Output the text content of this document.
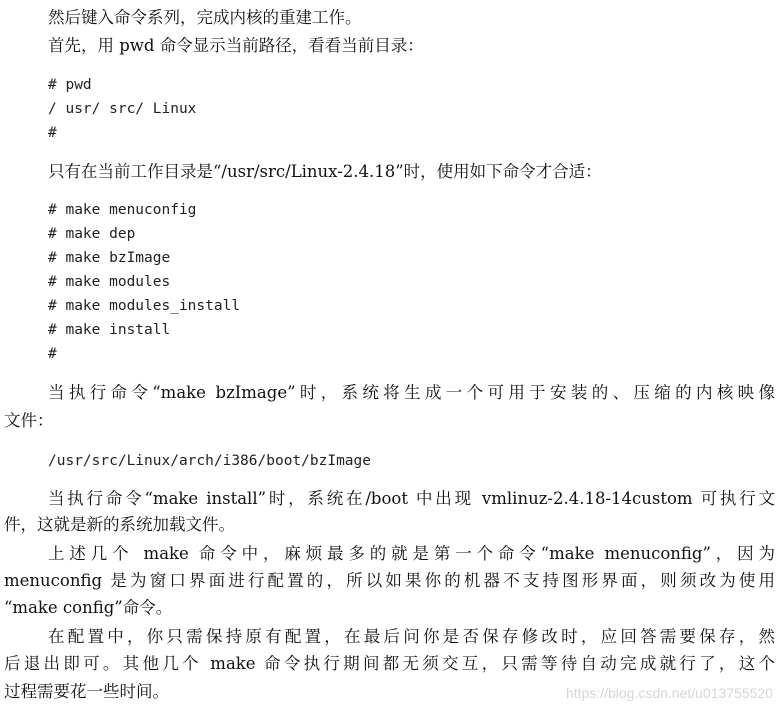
然后键入命令系列，完成内核的重建工作。
首先，用 pwd 命令显示当前路径，看看当前目录：
# pwd
/ usr/ src/ Linux
#
只有在当前工作目录是“/usr/src/Linux-2.4.18”时，使用如下命令才合适：
# make menuconfig
# make dep
# make bzImage
# make modules
# make modules_install
# make install
#
当执行命令“make bzImage”时，系统将生成一个可用于安装的、压缩的内核映像
文件：
/usr/src/Linux/arch/i386/boot/bzImage
当执行命令“make install”时，系统在/boot 中出现 vmlinuz-2.4.18-14custom 可执行文
件，这就是新的系统加载文件。
上述几个 make 命令中，麻烦最多的就是第一个命令“make menuconfig”，因为
menuconfig 是为窗口界面进行配置的，所以如果你的机器不支持图形界面，则须改为使用
“make config”命令。
在配置中，你只需保持原有配置，在最后问你是否保存修改时，应回答需要保存，然
后退出即可。其他几个 make 命令执行期间都无须交互，只需等待自动完成就行了，这个
过程需要花一些时间。	https://blog.csdn.net/u013755520
